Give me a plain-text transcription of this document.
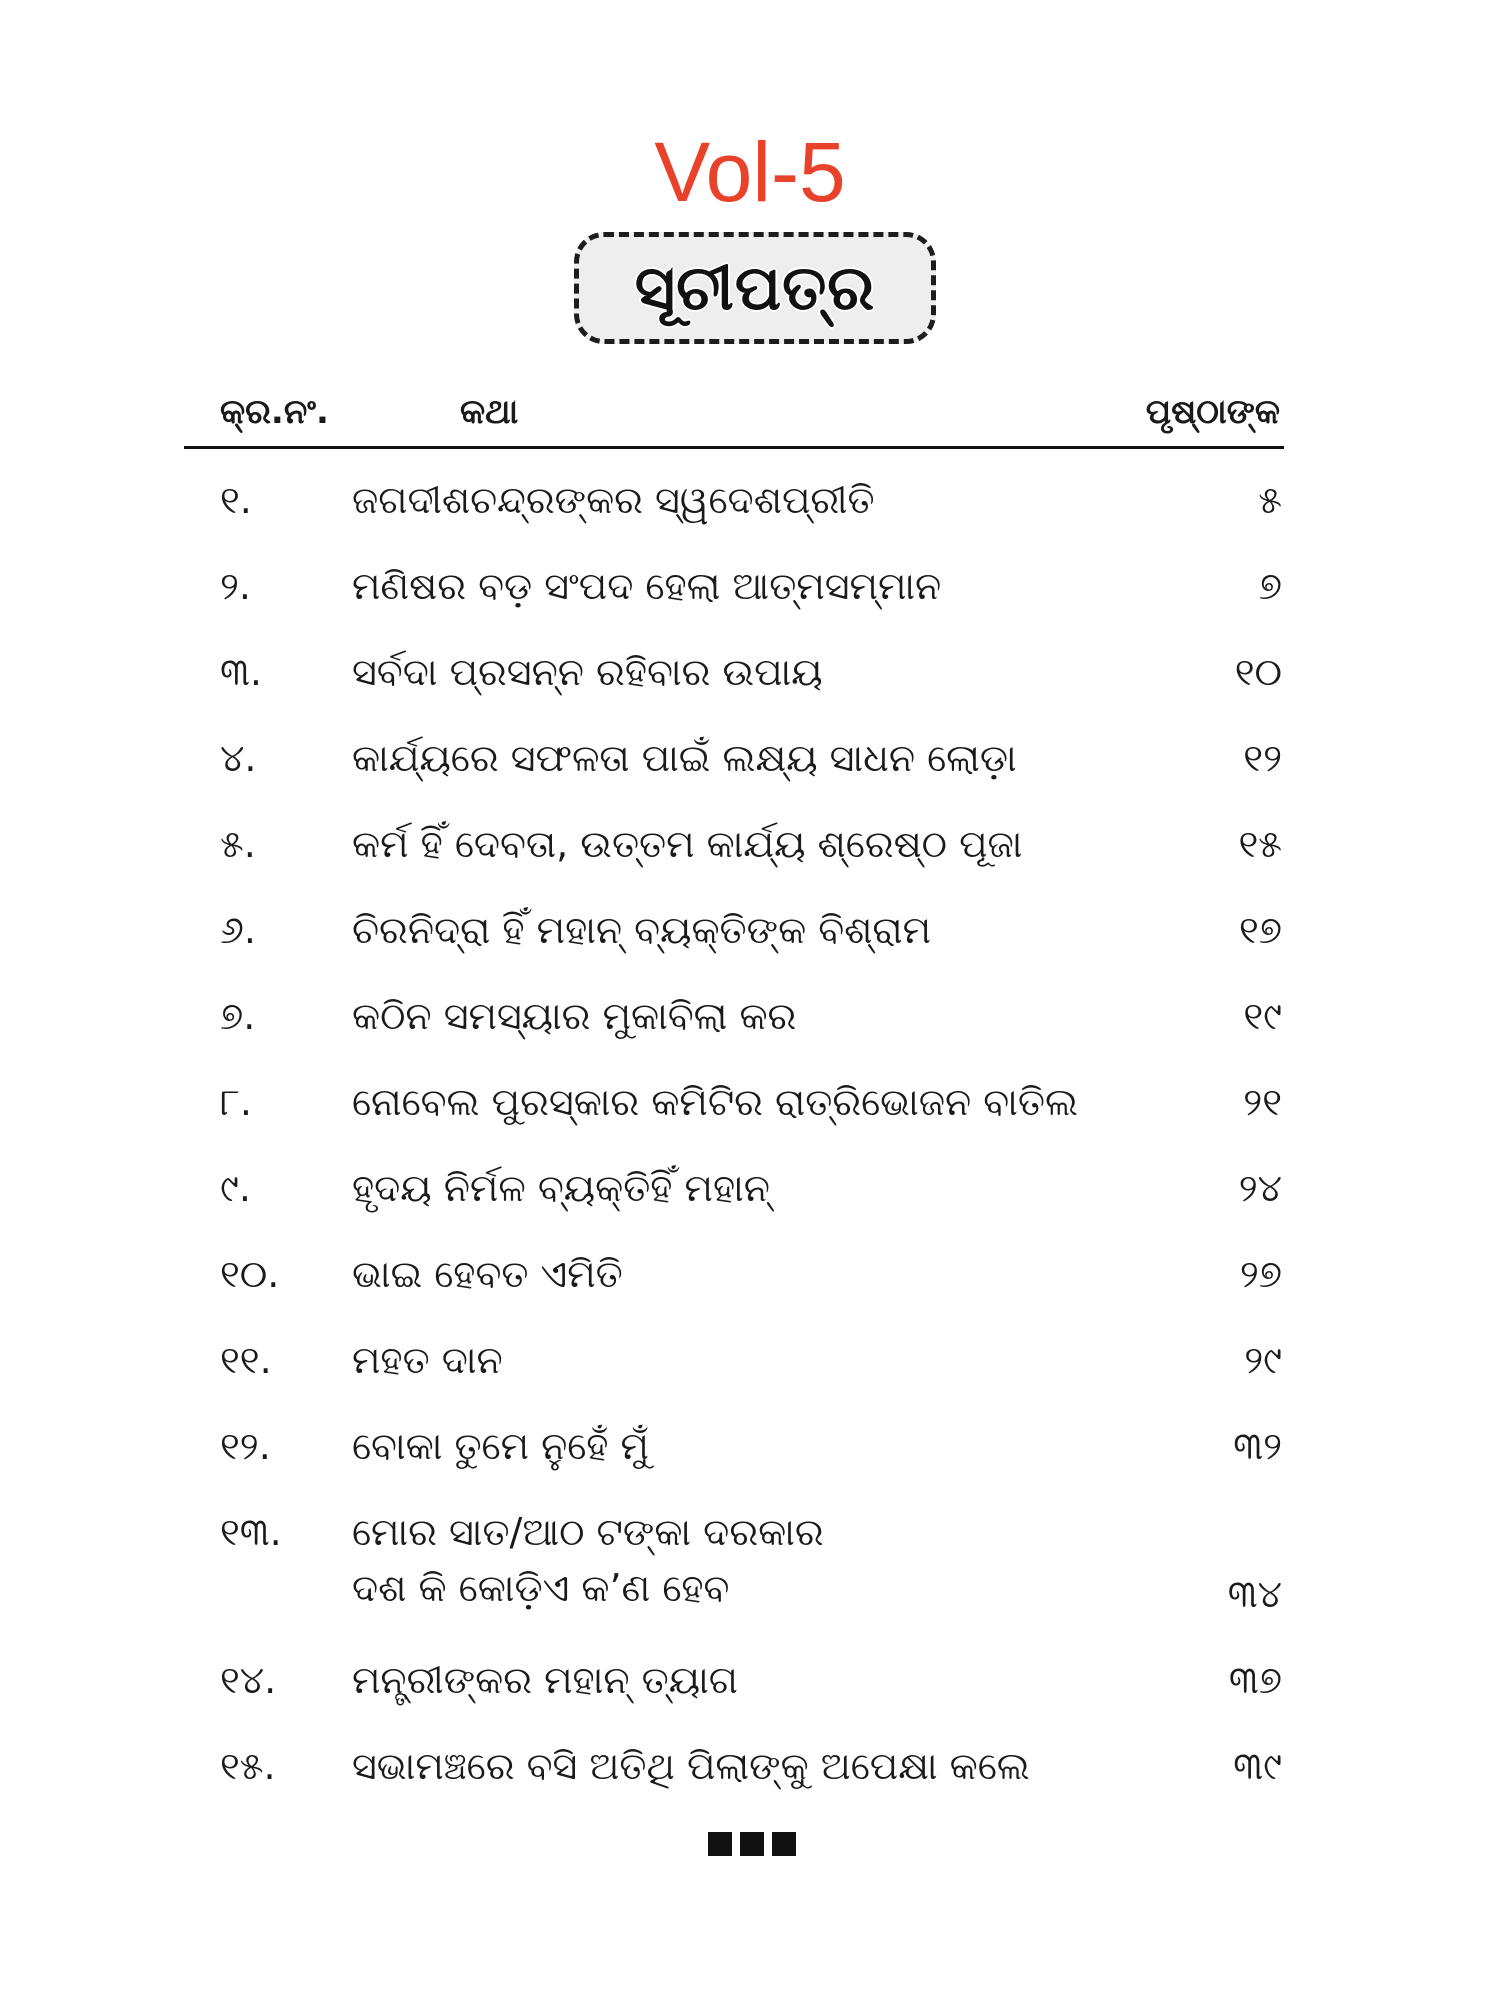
Vol-5
ସୂଚୀପତ୍ର
କ୍ର.ନଂ.	କଥା	ପୃଷ୍ଠାଙ୍କ
୧.	ଜଗଦୀଶଚନ୍ଦ୍ରଙ୍କର ସ୍ୱଦେଶପ୍ରୀତି	୫
୨.	ମଣିଷର ବଡ଼ ସଂପଦ ହେଲା ଆତ୍ମସମ୍ମାନ	୭
୩.	ସର୍ବଦା ପ୍ରସନ୍ନ ରହିବାର ଉପାୟ	୧୦
୪.	କାର୍ଯ୍ୟରେ ସଫଳତା ପାଇଁ ଲକ୍ଷ୍ୟ ସାଧନ ଲୋଡ଼ା	୧୨
୫.	କର୍ମ ହିଁ ଦେବତା, ଉତ୍ତମ କାର୍ଯ୍ୟ ଶ୍ରେଷ୍ଠ ପୂଜା	୧୫
୬.	ଚିରନିଦ୍ରା ହିଁ ମହାନ୍ ବ୍ୟକ୍ତିଙ୍କ ବିଶ୍ରାମ	୧୭
୭.	କଠିନ ସମସ୍ୟାର ମୁକାବିଲା କର	୧୯
୮.	ନୋବେଲ ପୁରସ୍କାର କମିଟିର ରାତ୍ରିଭୋଜନ ବାତିଲ	୨୧
୯.	ହୃଦୟ ନିର୍ମଳ ବ୍ୟକ୍ତିହିଁ ମହାନ୍	୨୪
୧୦.	ଭାଇ ହେବତ ଏମିତି	୨୭
୧୧.	ମହତ ଦାନ	୨୯
୧୨.	ବୋକା ତୁମେ ନୁହେଁ ମୁଁ	୩୨
୧୩.	ମୋର ସାତ/ଆଠ ଟଙ୍କା ଦରକାର
ଦଶ କି କୋଡ଼ିଏ କ’ଣ ହେବ	୩୪
୧୪.	ମନ୍ତ୍ରୀଙ୍କର ମହାନ୍ ତ୍ୟାଗ	୩୭
୧୫.	ସଭାମଞ୍ଚରେ ବସି ଅତିଥି ପିଲାଙ୍କୁ ଅପେକ୍ଷା କଲେ	୩୯
